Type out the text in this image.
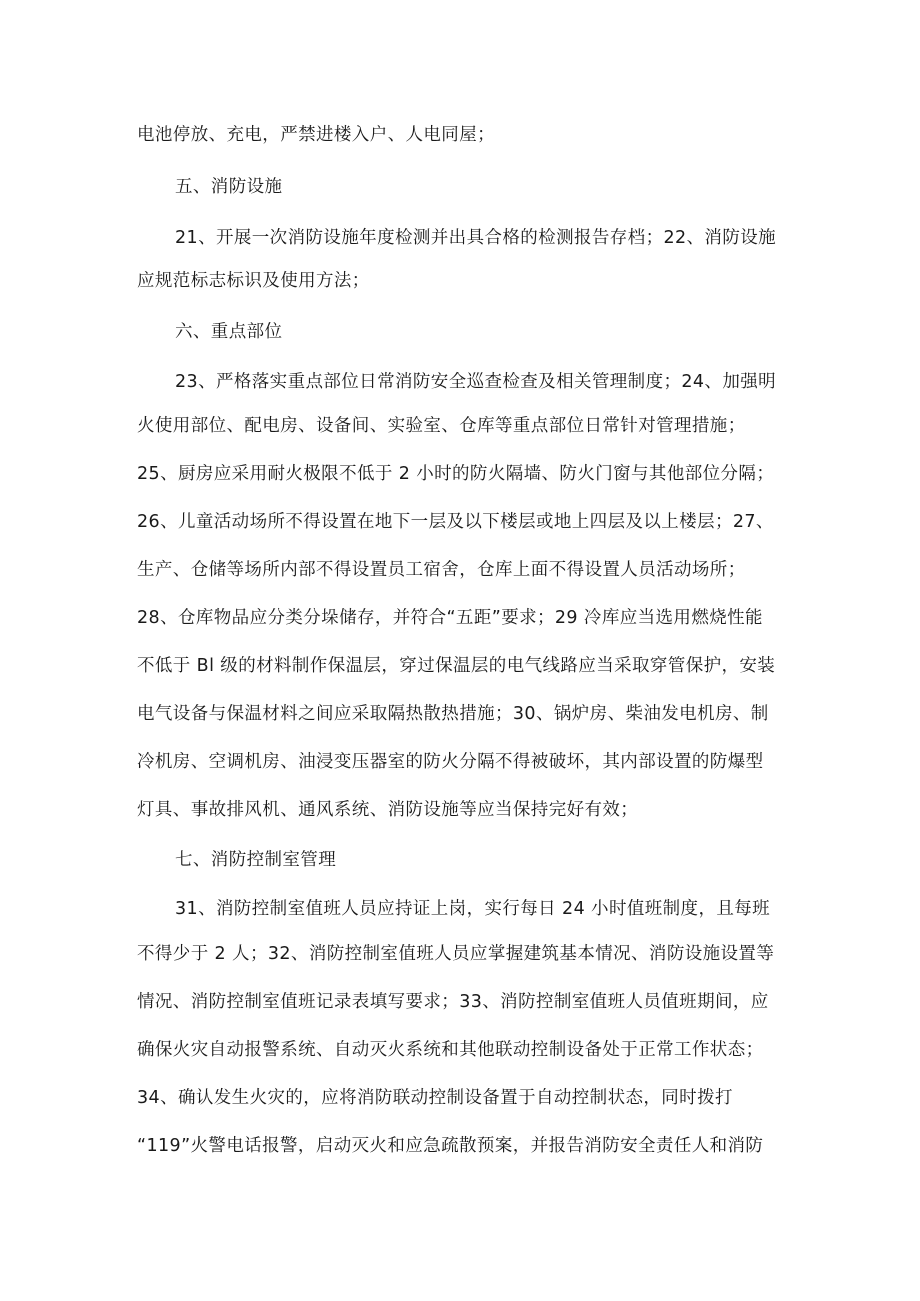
电池停放、充电，严禁进楼入户、人电同屋；
五、消防设施
21、开展一次消防设施年度检测并出具合格的检测报告存档；22、消防设施
应规范标志标识及使用方法；
六、重点部位
23、严格落实重点部位日常消防安全巡查检查及相关管理制度；24、加强明
火使用部位、配电房、设备间、实验室、仓库等重点部位日常针对管理措施；
25、厨房应采用耐火极限不低于 2 小时的防火隔墙、防火门窗与其他部位分隔；
26、儿童活动场所不得设置在地下一层及以下楼层或地上四层及以上楼层；27、
生产、仓储等场所内部不得设置员工宿舍，仓库上面不得设置人员活动场所；
28、仓库物品应分类分垛储存，并符合“五距”要求；29 冷库应当选用燃烧性能
不低于 Bl 级的材料制作保温层，穿过保温层的电气线路应当采取穿管保护，安装
电气设备与保温材料之间应采取隔热散热措施；30、锅炉房、柴油发电机房、制
冷机房、空调机房、油浸变压器室的防火分隔不得被破坏，其内部设置的防爆型
灯具、事故排风机、通风系统、消防设施等应当保持完好有效；
七、消防控制室管理
31、消防控制室值班人员应持证上岗，实行每日 24 小时值班制度，且每班
不得少于 2 人；32、消防控制室值班人员应掌握建筑基本情况、消防设施设置等
情况、消防控制室值班记录表填写要求；33、消防控制室值班人员值班期间，应
确保火灾自动报警系统、自动灭火系统和其他联动控制设备处于正常工作状态；
34、确认发生火灾的，应将消防联动控制设备置于自动控制状态，同时拨打
“119”火警电话报警，启动灭火和应急疏散预案，并报告消防安全责任人和消防
